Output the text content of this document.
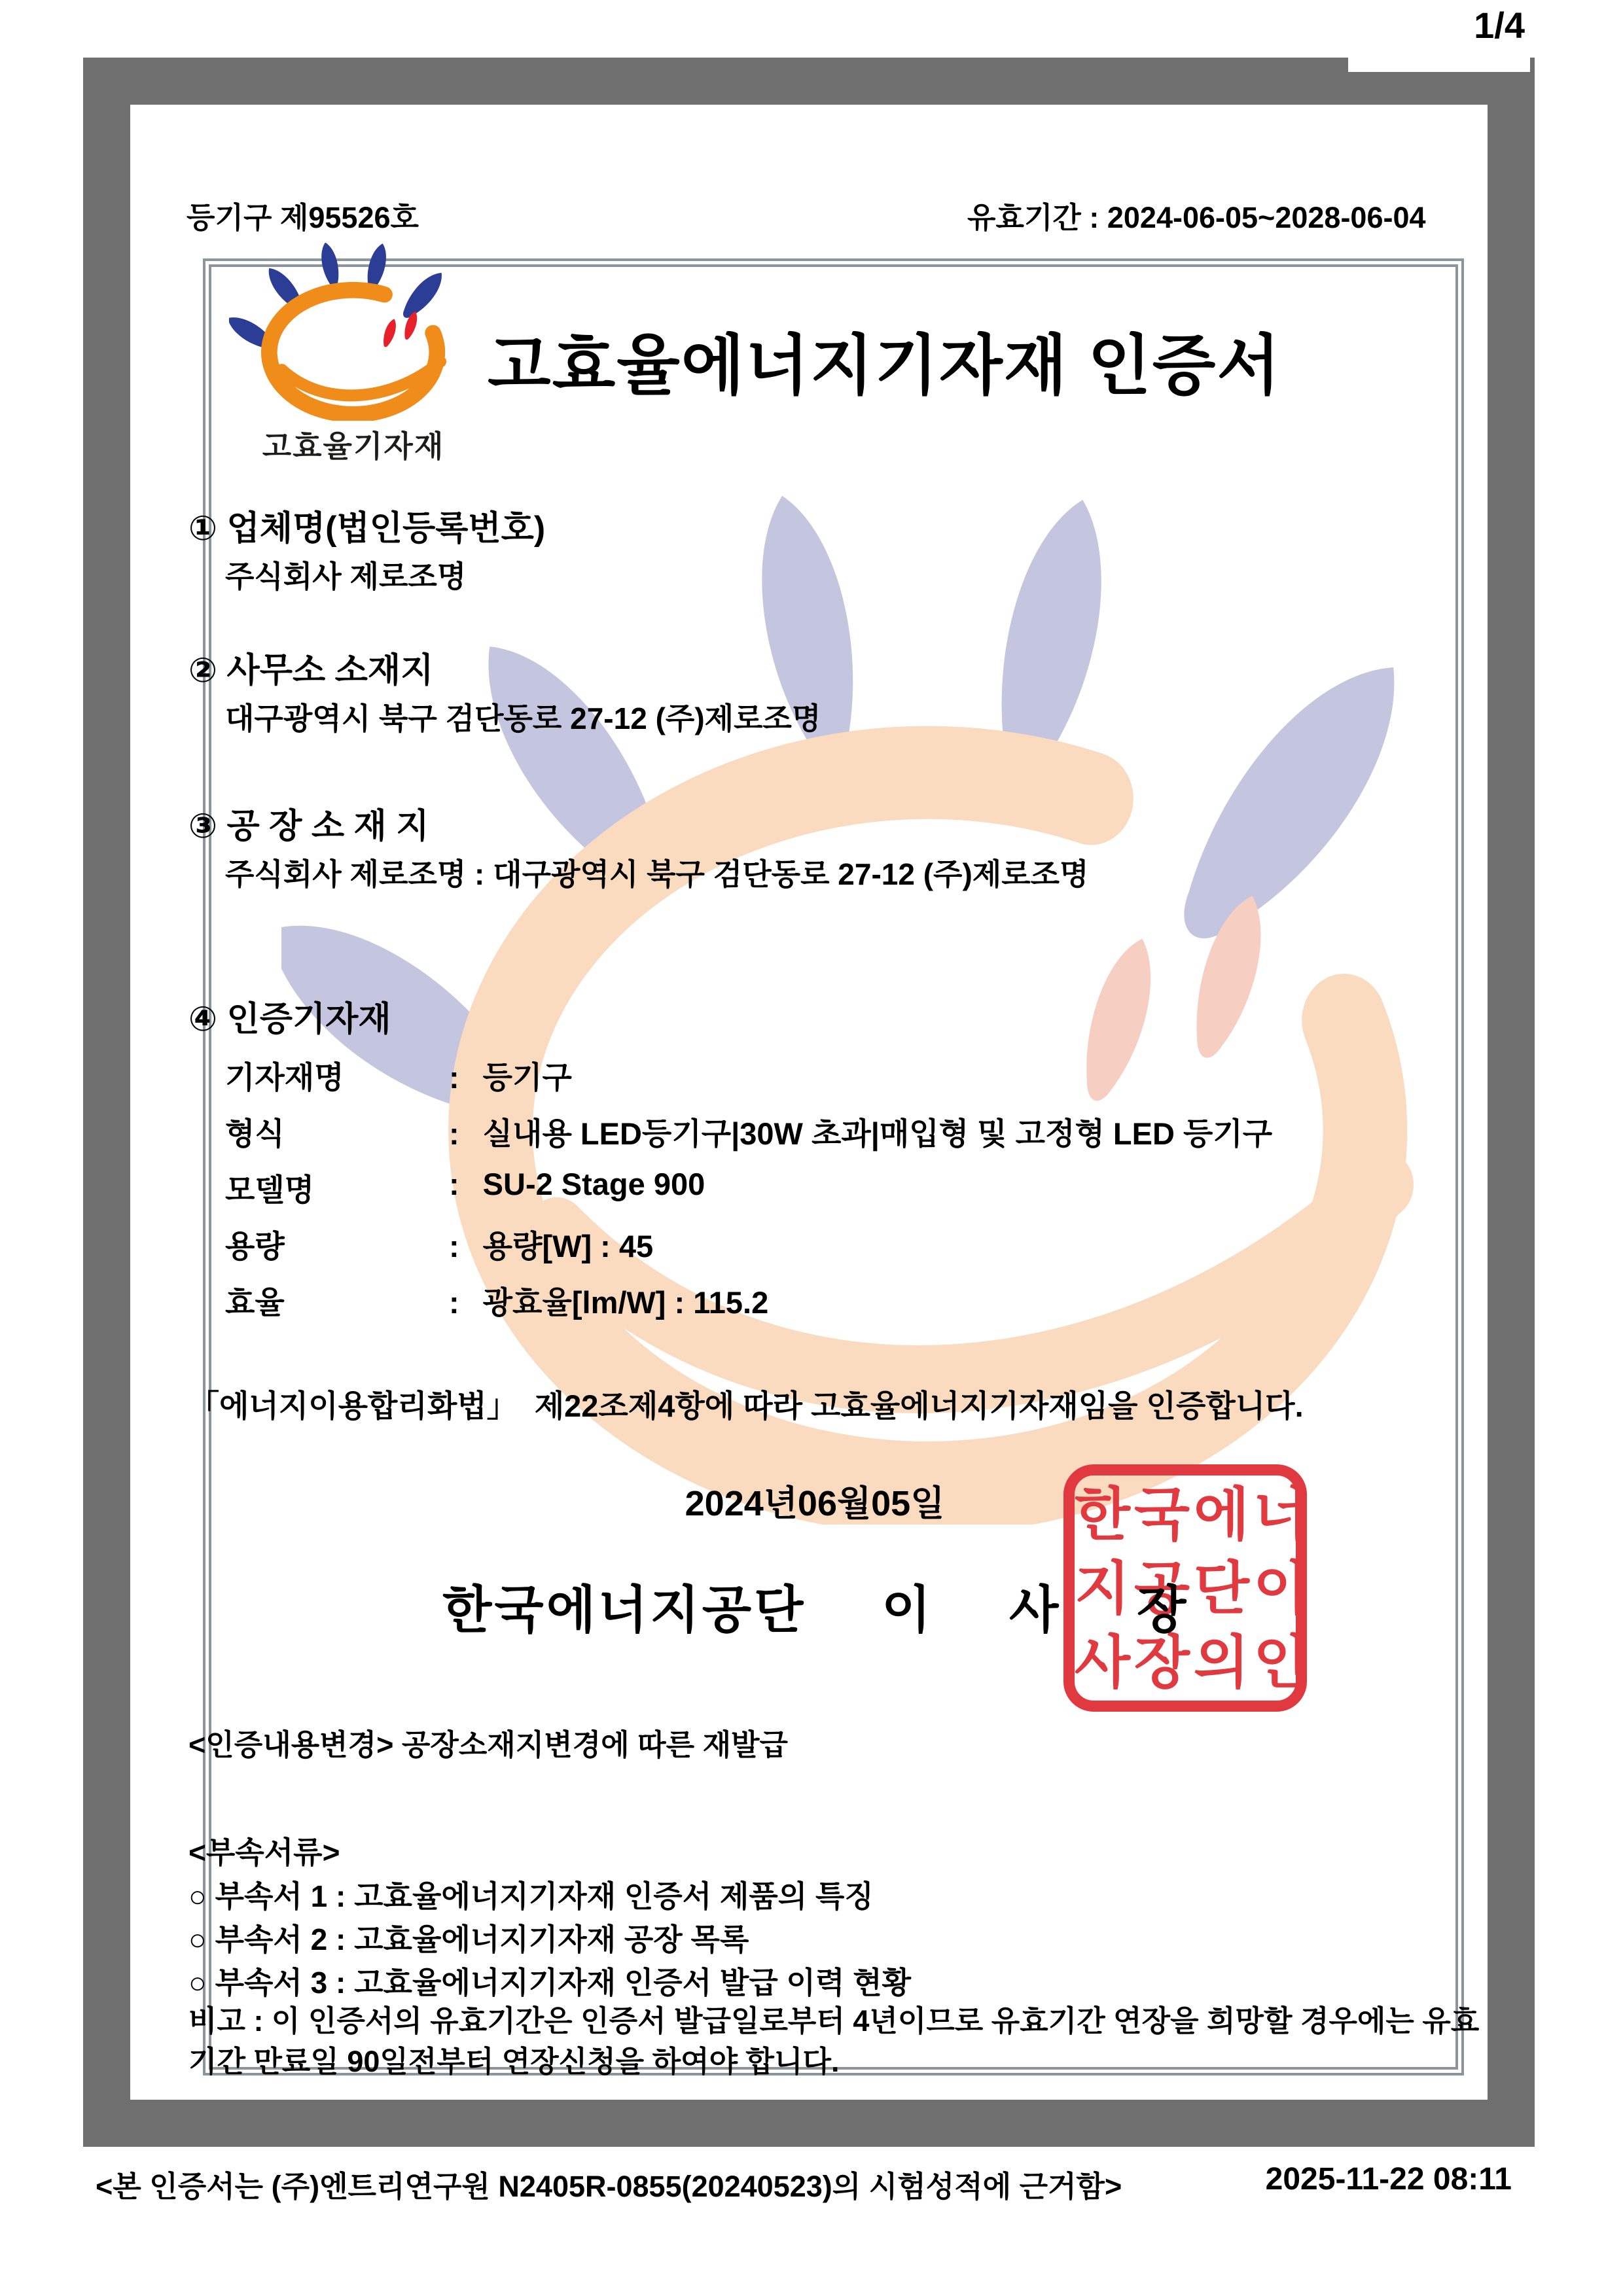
1/4
등기구 제95526호	유효기간 : 2024-06-05~2028-06-04
고효율기자재
고효율에너지기자재 인증서
① 업체명(법인등록번호)
주식회사 제로조명
② 사무소 소재지
대구광역시 북구 검단동로 27-12 (주)제로조명
③ 공 장 소 재 지
주식회사 제로조명 : 대구광역시 북구 검단동로 27-12 (주)제로조명
④ 인증기자재
기자재명	: 등기구
형식	: 실내용 LED등기구|30W 초과|매입형 및 고정형 LED 등기구
모델명	: SU-2 Stage 900
용량	: 용량[W] : 45
효율	: 광효율[lm/W] : 115.2
「에너지이용합리화법」  제22조제4항에 따라 고효율에너지기자재임을 인증합니다.
2024년06월05일
한국에너지공단 이 사 장
한국에너
지공단이
사장의인
<인증내용변경> 공장소재지변경에 따른 재발급
<부속서류>
○ 부속서 1 : 고효율에너지기자재 인증서 제품의 특징
○ 부속서 2 : 고효율에너지기자재 공장 목록
○ 부속서 3 : 고효율에너지기자재 인증서 발급 이력 현황
비고 : 이 인증서의 유효기간은 인증서 발급일로부터 4년이므로 유효기간 연장을 희망할 경우에는 유효
기간 만료일 90일전부터 연장신청을 하여야 합니다.
<본 인증서는 (주)엔트리연구원 N2405R-0855(20240523)의 시험성적에 근거함>	2025-11-22 08:11
